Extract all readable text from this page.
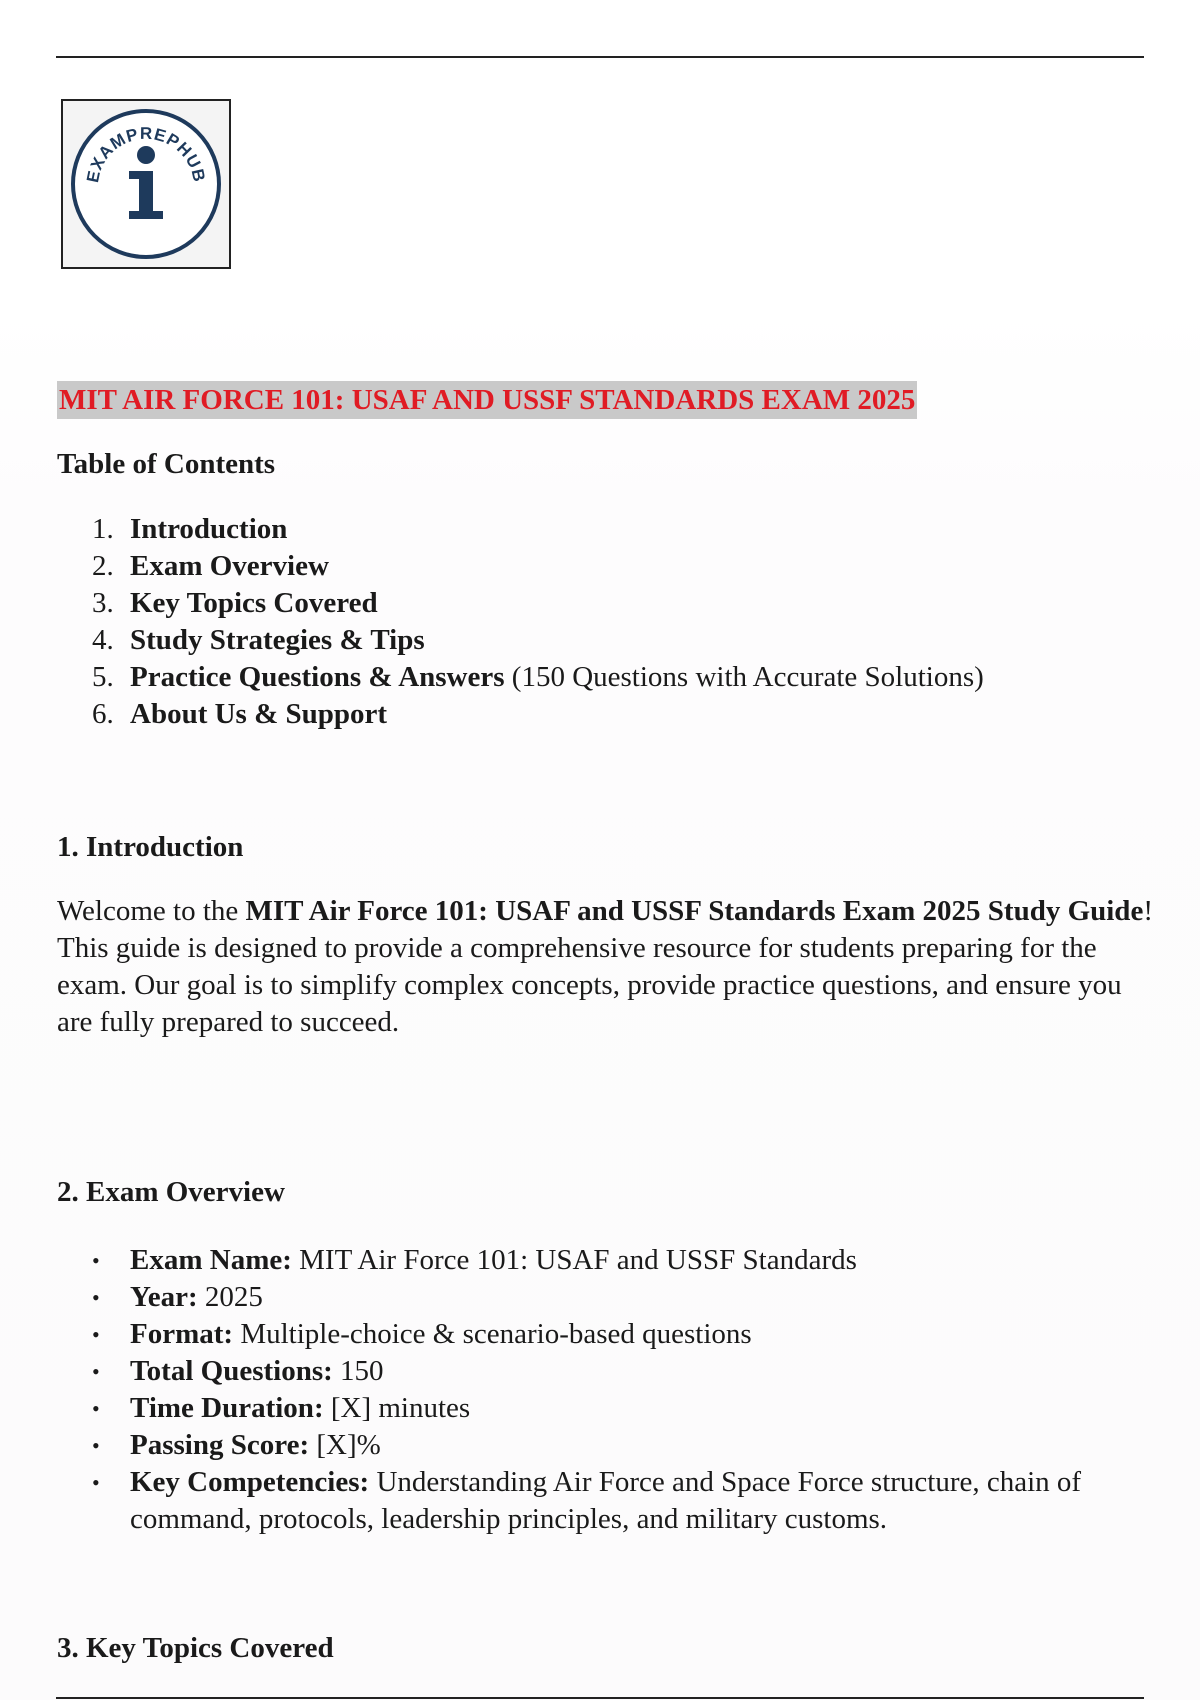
EXAMPREPHUB
MIT AIR FORCE 101: USAF AND USSF STANDARDS EXAM 2025
Table of Contents
1. Introduction
2. Exam Overview
3. Key Topics Covered
4. Study Strategies & Tips
5. Practice Questions & Answers (150 Questions with Accurate Solutions)
6. About Us & Support
1. Introduction

Welcome to the MIT Air Force 101: USAF and USSF Standards Exam 2025 Study Guide! This guide is designed to provide a comprehensive resource for students preparing for the exam. Our goal is to simplify complex concepts, provide practice questions, and ensure you are fully prepared to succeed.

2. Exam Overview
• Exam Name: MIT Air Force 101: USAF and USSF Standards
• Year: 2025
• Format: Multiple-choice & scenario-based questions
• Total Questions: 150
• Time Duration: [X] minutes
• Passing Score: [X]%
• Key Competencies: Understanding Air Force and Space Force structure, chain of command, protocols, leadership principles, and military customs.
3. Key Topics Covered
